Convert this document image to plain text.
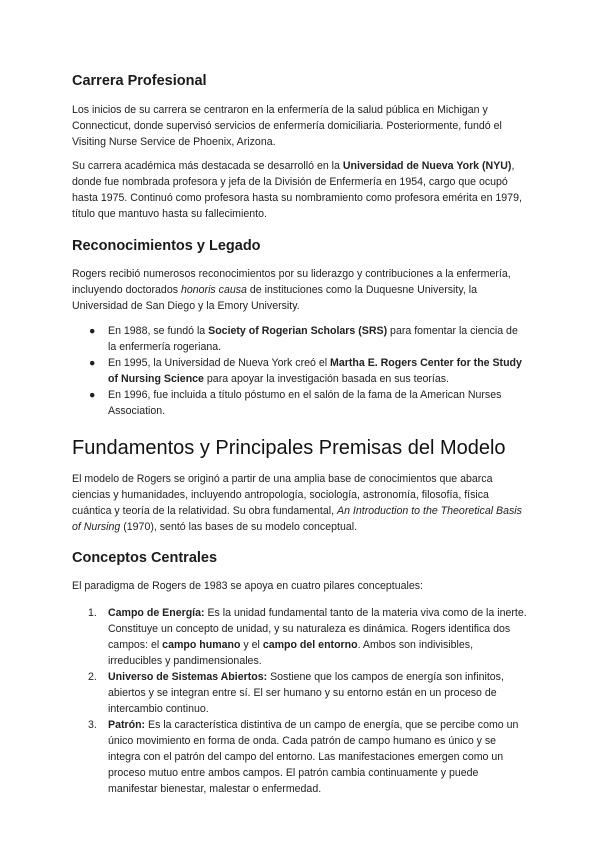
Carrera Profesional

Los inicios de su carrera se centraron en la enfermería de la salud pública en Michigan y Connecticut, donde supervisó servicios de enfermería domiciliaria. Posteriormente, fundó el Visiting Nurse Service de Phoenix, Arizona.

Su carrera académica más destacada se desarrolló en la Universidad de Nueva York (NYU), donde fue nombrada profesora y jefa de la División de Enfermería en 1954, cargo que ocupó hasta 1975. Continuó como profesora hasta su nombramiento como profesora emérita en 1979, título que mantuvo hasta su fallecimiento.

Reconocimientos y Legado

Rogers recibió numerosos reconocimientos por su liderazgo y contribuciones a la enfermería, incluyendo doctorados honoris causa de instituciones como la Duquesne University, la Universidad de San Diego y la Emory University.

● En 1988, se fundó la Society of Rogerian Scholars (SRS) para fomentar la ciencia de la enfermería rogeriana.
● En 1995, la Universidad de Nueva York creó el Martha E. Rogers Center for the Study of Nursing Science para apoyar la investigación basada en sus teorías.
● En 1996, fue incluida a título póstumo en el salón de la fama de la American Nurses Association.
Fundamentos y Principales Premisas del Modelo

El modelo de Rogers se originó a partir de una amplia base de conocimientos que abarca ciencias y humanidades, incluyendo antropología, sociología, astronomía, filosofía, física cuántica y teoría de la relatividad. Su obra fundamental, An Introduction to the Theoretical Basis of Nursing (1970), sentó las bases de su modelo conceptual.

Conceptos Centrales

El paradigma de Rogers de 1983 se apoya en cuatro pilares conceptuales:

1. Campo de Energía: Es la unidad fundamental tanto de la materia viva como de la inerte. Constituye un concepto de unidad, y su naturaleza es dinámica. Rogers identifica dos campos: el campo humano y el campo del entorno. Ambos son indivisibles, irreducibles y pandimensionales.
2. Universo de Sistemas Abiertos: Sostiene que los campos de energía son infinitos, abiertos y se integran entre sí. El ser humano y su entorno están en un proceso de intercambio continuo.
3. Patrón: Es la característica distintiva de un campo de energía, que se percibe como un único movimiento en forma de onda. Cada patrón de campo humano es único y se integra con el patrón del campo del entorno. Las manifestaciones emergen como un proceso mutuo entre ambos campos. El patrón cambia continuamente y puede manifestar bienestar, malestar o enfermedad.
